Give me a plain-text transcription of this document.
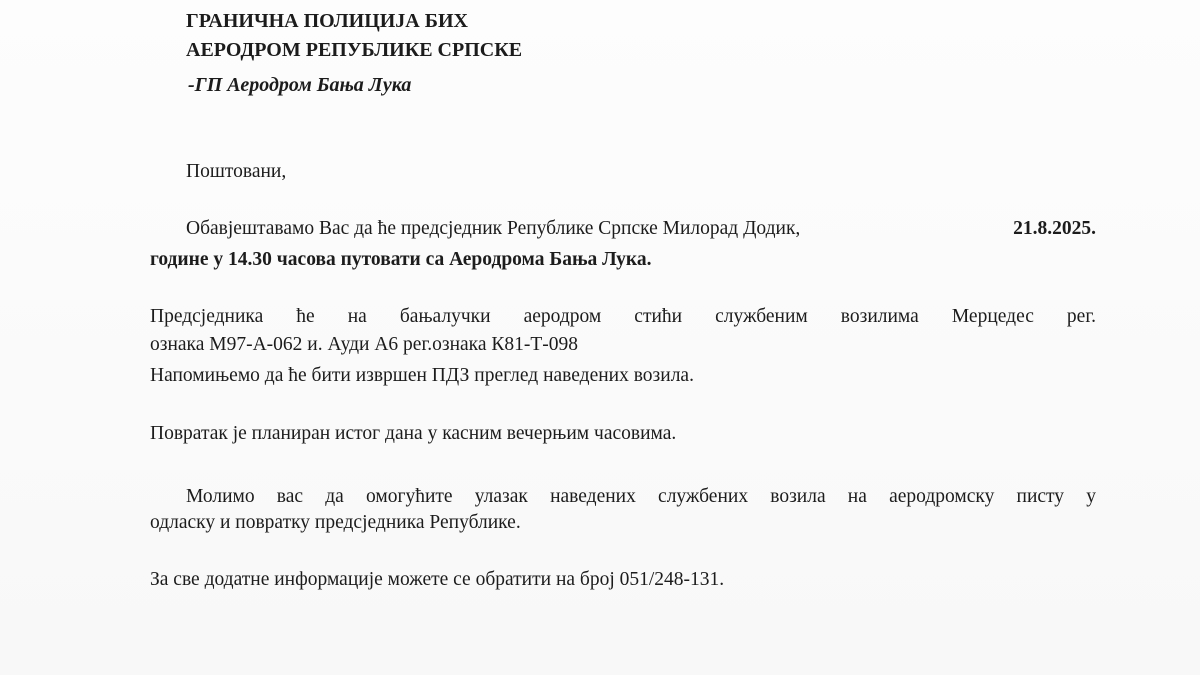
ГРАНИЧНА ПОЛИЦИЈА БИХ
АЕРОДРОМ РЕПУБЛИКЕ СРПСКЕ
-ГП Аеродром Бања Лука
Поштовани,
Обавјештавамо Вас да ће предсједник Републике Српске Милорад Додик,	21.8.2025.
године у 14.30 часова путовати са Аеродрома Бања Лука.
Предсједника ће на бањалучки аеродром стићи службеним возилима Мерцедес рег.
ознака М97-А-062 и. Ауди А6 рег.ознака К81-Т-098
Напомињемо да ће бити извршен ПДЗ преглед наведених возила.
Повратак је планиран истог дана у касним вечерњим часовима.
Молимо вас да омогућите улазак наведених службених возила на аеродромску писту у
одласку и повратку предсједника Републике.
За све додатне информације можете се обратити на број 051/248-131.
